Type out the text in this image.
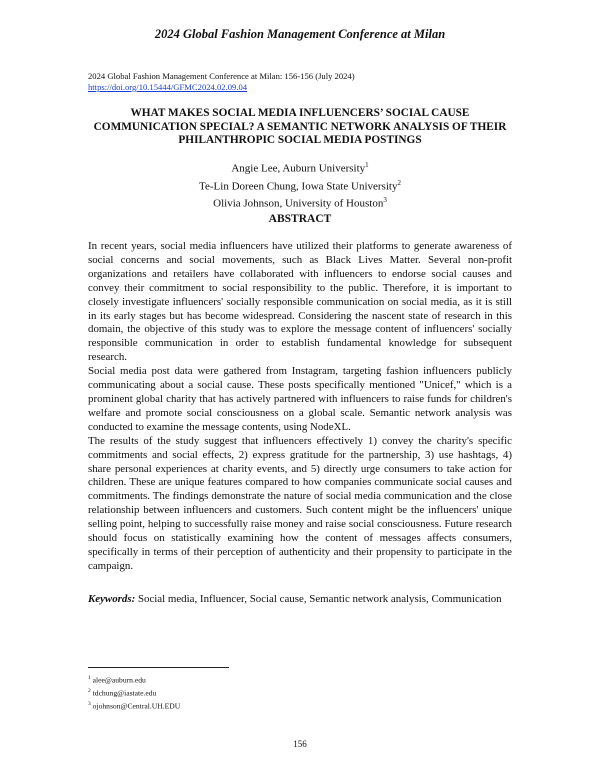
2024 Global Fashion Management Conference at Milan
2024 Global Fashion Management Conference at Milan: 156-156 (July 2024)
https://doi.org/10.15444/GFMC2024.02.09.04
WHAT MAKES SOCIAL MEDIA INFLUENCERS’ SOCIAL CAUSE COMMUNICATION SPECIAL? A SEMANTIC NETWORK ANALYSIS OF THEIR PHILANTHROPIC SOCIAL MEDIA POSTINGS
Angie Lee, Auburn University$^1$
Te-Lin Doreen Chung, Iowa State University$^2$
Olivia Johnson, University of Houston$^3$
ABSTRACT

In recent years, social media influencers have utilized their platforms to generate awareness of social concerns and social movements, such as Black Lives Matter. Several non-profit organizations and retailers have collaborated with influencers to endorse social causes and convey their commitment to social responsibility to the public. Therefore, it is important to closely investigate influencers' socially responsible communication on social media, as it is still in its early stages but has become widespread. Considering the nascent state of research in this domain, the objective of this study was to explore the message content of influencers' socially responsible communication in order to establish fundamental knowledge for subsequent research.

Social media post data were gathered from Instagram, targeting fashion influencers publicly communicating about a social cause. These posts specifically mentioned "Unicef," which is a prominent global charity that has actively partnered with influencers to raise funds for children's welfare and promote social consciousness on a global scale. Semantic network analysis was conducted to examine the message contents, using NodeXL.

The results of the study suggest that influencers effectively 1) convey the charity's specific commitments and social effects, 2) express gratitude for the partnership, 3) use hashtags, 4) share personal experiences at charity events, and 5) directly urge consumers to take action for children. These are unique features compared to how companies communicate social causes and commitments. The findings demonstrate the nature of social media communication and the close relationship between influencers and customers. Such content might be the influencers' unique selling point, helping to successfully raise money and raise social consciousness. Future research should focus on statistically examining how the content of messages affects consumers, specifically in terms of their perception of authenticity and their propensity to participate in the campaign.

Keywords: Social media, Influencer, Social cause, Semantic network analysis, Communication
$^1$ alee@auburn.edu
$^2$ tdchung@iastate.edu
$^3$ ojohnson@Central.UH.EDU
156
